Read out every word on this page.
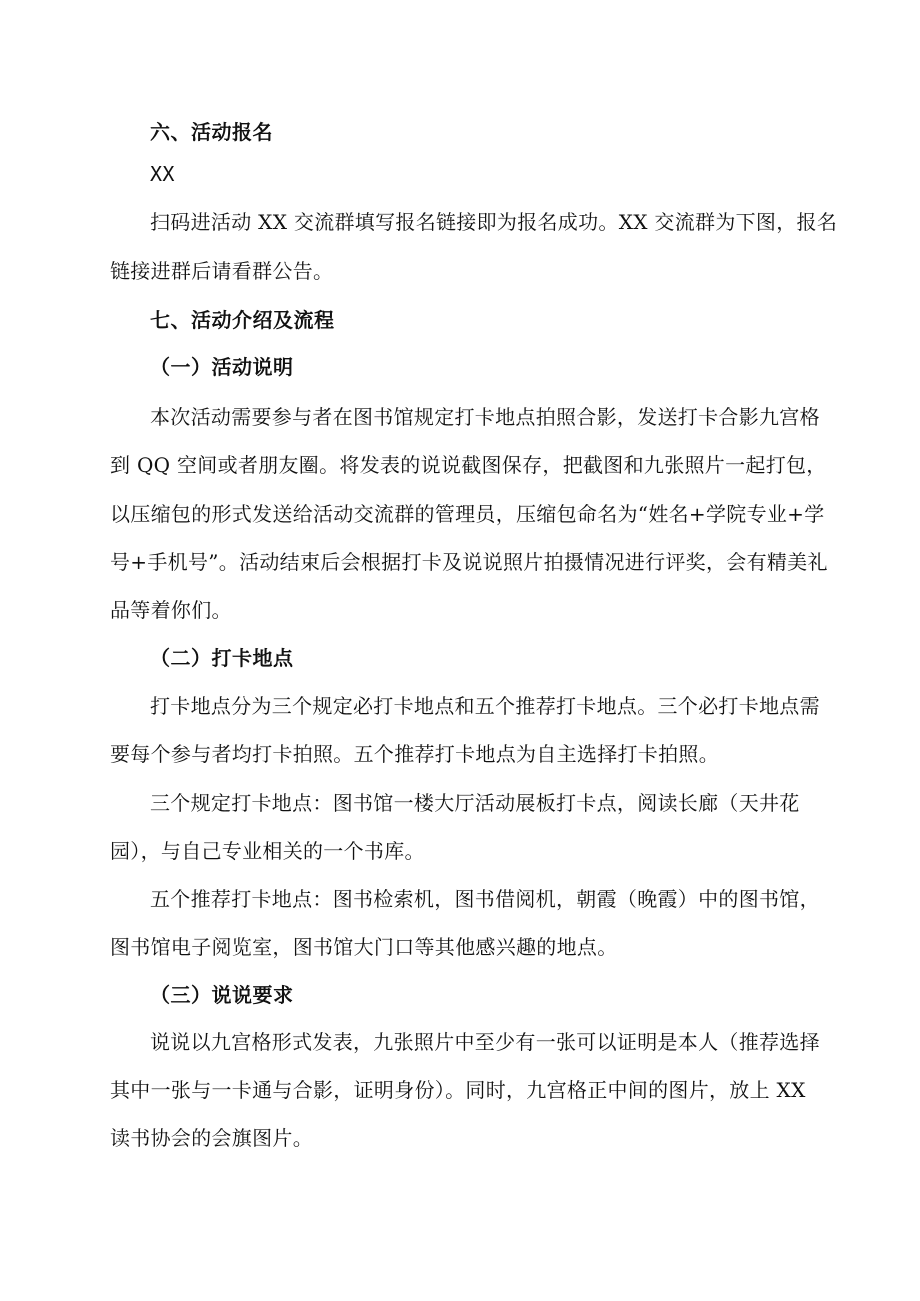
六、活动报名
XX
扫码进活动 XX 交流群填写报名链接即为报名成功。XX 交流群为下图，报名
链接进群后请看群公告。
七、活动介绍及流程
（一）活动说明
本次活动需要参与者在图书馆规定打卡地点拍照合影，发送打卡合影九宫格
到 QQ 空间或者朋友圈。将发表的说说截图保存，把截图和九张照片一起打包，
以压缩包的形式发送给活动交流群的管理员，压缩包命名为“姓名+学院专业+学
号+手机号”。活动结束后会根据打卡及说说照片拍摄情况进行评奖，会有精美礼
品等着你们。
（二）打卡地点
打卡地点分为三个规定必打卡地点和五个推荐打卡地点。三个必打卡地点需
要每个参与者均打卡拍照。五个推荐打卡地点为自主选择打卡拍照。
三个规定打卡地点：图书馆一楼大厅活动展板打卡点，阅读长廊（天井花
园），与自己专业相关的一个书库。
五个推荐打卡地点：图书检索机，图书借阅机，朝霞（晚霞）中的图书馆，
图书馆电子阅览室，图书馆大门口等其他感兴趣的地点。
（三）说说要求
说说以九宫格形式发表，九张照片中至少有一张可以证明是本人（推荐选择
其中一张与一卡通与合影，证明身份）。同时，九宫格正中间的图片，放上 XX
读书协会的会旗图片。
